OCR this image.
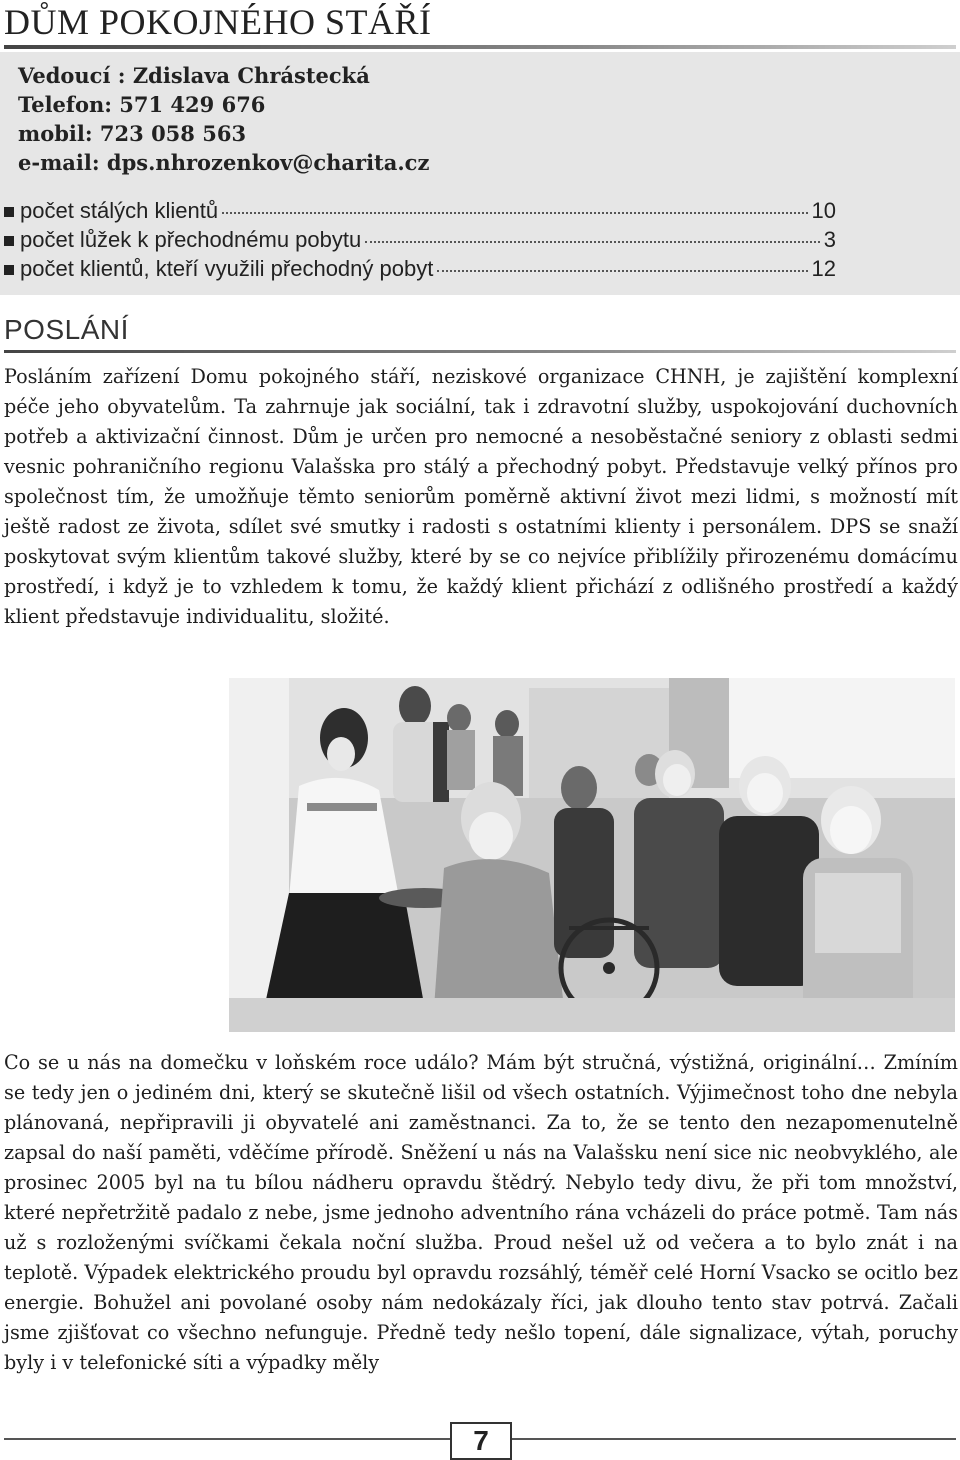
DŮM POKOJNÉHO STÁŘÍ
Vedoucí : Zdislava Chrástecká
Telefon: 571 429 676
mobil: 723 058 563
e-mail: dps.nhrozenkov@charita.cz
počet stálých klientů	10
počet lůžek k přechodnému pobytu	3
počet klientů, kteří využili přechodný pobyt	12
POSLÁNÍ

Posláním zařízení Domu pokojného stáří, neziskové organizace CHNH, je zajištění komplexní péče jeho obyvatelům. Ta zahrnuje jak sociální, tak i zdravotní služby, uspokojování duchovních potřeb a aktivizační činnost. Dům je určen pro nemocné a nesoběstačné seniory z oblasti sedmi vesnic pohraničního regionu Valašska pro stálý a přechodný pobyt. Představuje velký přínos pro společnost tím, že umožňuje těmto seniorům poměrně aktivní život mezi lidmi, s možností mít ještě radost ze života, sdílet své smutky i radosti s ostatními klienty i personálem. DPS se snaží poskytovat svým klientům takové služby, které by se co nejvíce přiblížily přirozenému domácímu prostředí, i když je to vzhledem k tomu, že každý klient přichází z odlišného prostředí a každý klient představuje individualitu, složité.

Co se u nás na domečku v loňském roce událo? Mám být stručná, výstižná, originální… Zmíním se tedy jen o jediném dni, který se skutečně lišil od všech ostatních. Výjimečnost toho dne nebyla plánovaná, nepřipravili ji obyvatelé ani zaměstnanci. Za to, že se tento den nezapomenutelně zapsal do naší paměti, vděčíme přírodě. Sněžení u nás na Valašsku není sice nic neobvyklého, ale prosinec 2005 byl na tu bílou nádheru opravdu štědrý. Nebylo tedy divu, že při tom množství, které nepřetržitě padalo z nebe, jsme jednoho adventního rána vcházeli do práce potmě. Tam nás už s rozloženými svíčkami čekala noční služba. Proud nešel už od večera a to bylo znát i na teplotě. Výpadek elektrického proudu byl opravdu rozsáhlý, téměř celé Horní Vsacko se ocitlo bez energie. Bohužel ani povolané osoby nám nedokázaly říci, jak dlouho tento stav potrvá. Začali jsme zjišťovat co všechno nefunguje. Předně tedy nešlo topení, dále signalizace, výtah, poruchy byly i v telefonické síti a výpadky měly

7
